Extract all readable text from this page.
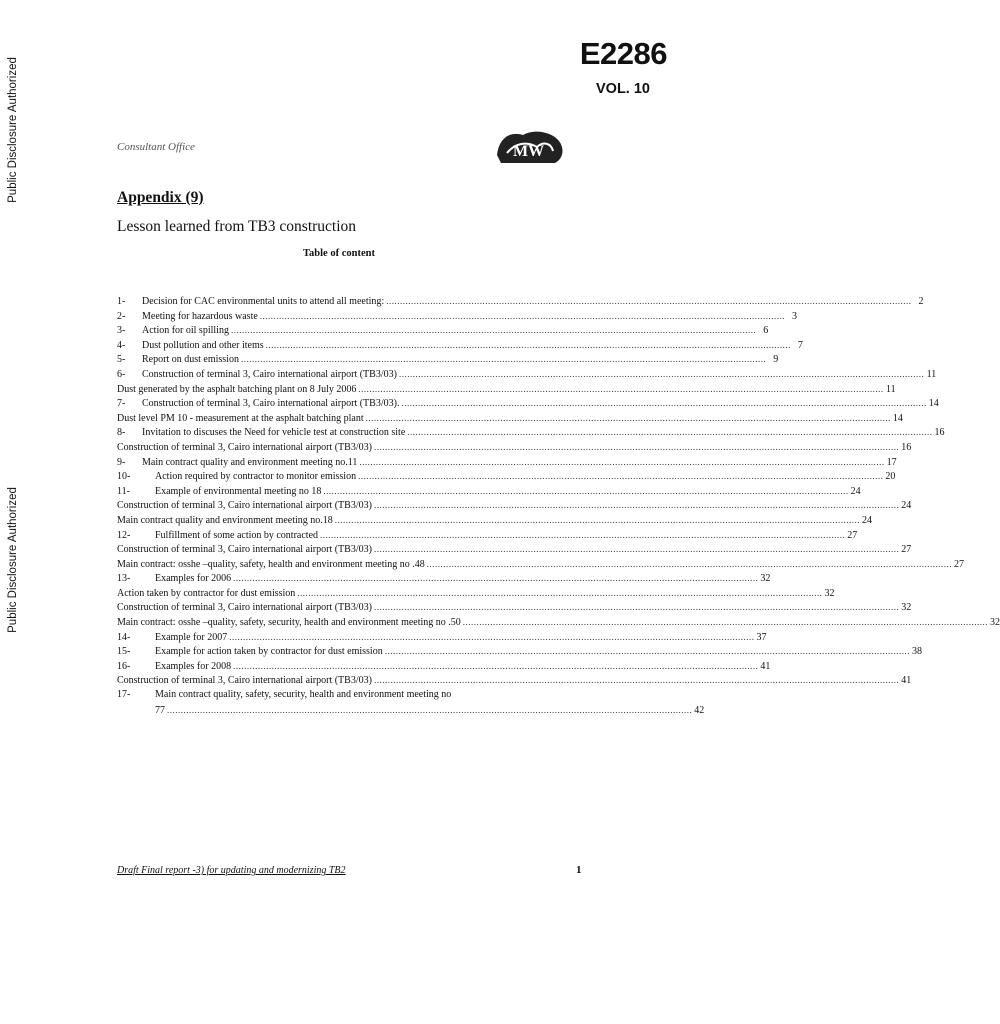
Public Disclosure Authorized
Public Disclosure Authorized
E2286
VOL. 10
Consultant Office	MW
Appendix (9)
Lesson learned from TB3 construction
Table of content
1-	Decision for CAC environmental units to attend all meeting: .....	2
2-	Meeting for hazardous waste .....	3
3-	Action for oil spilling .....	6
4-	Dust pollution and other items .....	7
5-	Report on dust emission .....	9
6-	Construction of terminal 3, Cairo international airport (TB3/03) .....	11
Dust generated by the asphalt batching plant on 8 July 2006 .....	11
7-	Construction of terminal 3, Cairo international airport (TB3/03). .....	14
Dust level PM 10 - measurement at the asphalt batching plant .....	14
8-	Invitation to discuses the Need for vehicle test at construction site .....	16
Construction of terminal 3, Cairo international airport (TB3/03) .....	16
9-	Main contract quality and environment meeting no.11 .....	17
10-	Action required by contractor to monitor emission .....	20
11-	Example of environmental meeting no 18 .....	24
Construction of terminal 3, Cairo international airport (TB3/03) .....	24
Main contract quality and environment meeting no.18 .....	24
12-	Fulfillment of some action by contracted .....	27
Construction of terminal 3, Cairo international airport (TB3/03) .....	27
Main contract: osshe –quality, safety, health and environment meeting no .48 .....	27
13-	Examples for 2006 .....	32
Action taken by contractor for dust emission .....	32
Construction of terminal 3, Cairo international airport (TB3/03) .....	32
Main contract: osshe –quality, safety, security, health and environment meeting no .50 .....	32
14-	Example for 2007 .....	37
15-	Example for action taken by contractor for dust emission .....	38
16-	Examples for 2008 .....	41
Construction of terminal 3, Cairo international airport (TB3/03) .....	41
17-	Main contract quality, safety, security, health and environment meeting no
77 .....	42
Draft Final report -3) for updating and modernizing TB2	1
